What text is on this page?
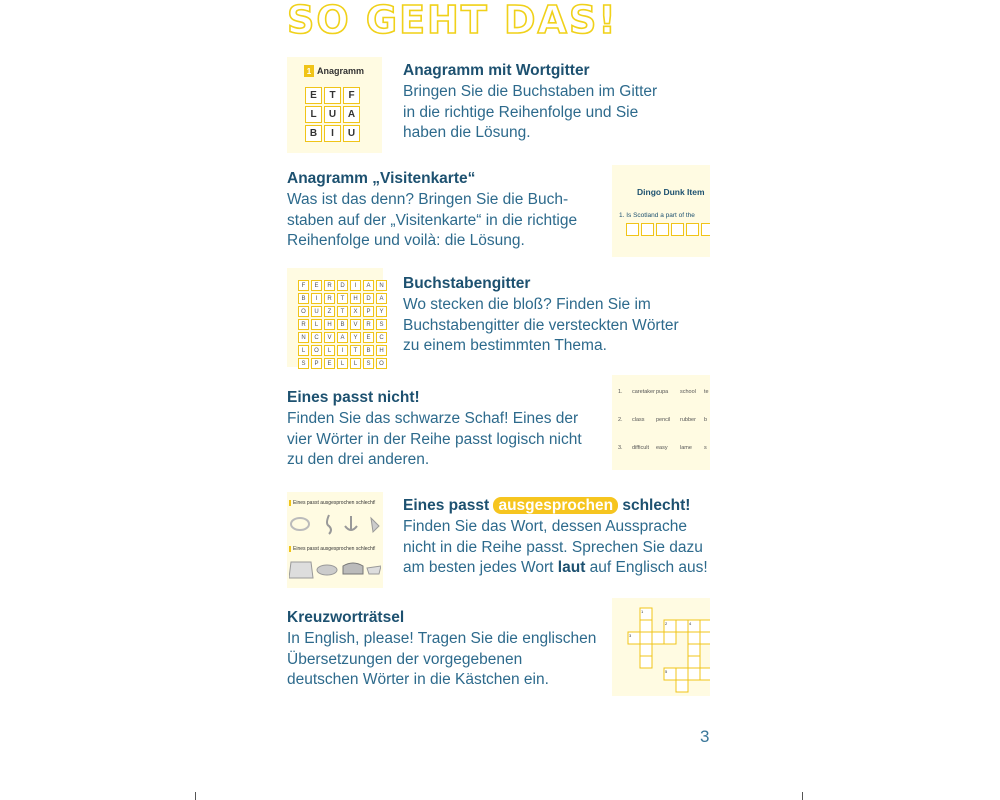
SO GEHT DAS!
1 Anagramm
E	T	F
L	U	A
B	I	U

Anagramm mit Wortgitter

Bringen Sie die Buchstaben im Gitter

in die richtige Reihenfolge und Sie

haben die Lösung.

Anagramm „Visitenkarte“

Was ist das denn? Bringen Sie die Buch-

staben auf der „Visitenkarte“ in die richtige

Reihenfolge und voilà: die Lösung.

Dingo Dunk Item
1. Is Scotland a part of the
F	E	R	D	I	A	N
B	I	R	T	H	D	A
O	U	Z	T	X	P	Y
R	L	H	B	V	R	S
N	C	V	A	Y	E	C
L	O	L	I	T	B	H
S	P	E	L	L	S	O

Buchstabengitter

Wo stecken die bloß? Finden Sie im

Buchstabengitter die versteckten Wörter

zu einem bestimmten Thema.

Eines passt nicht!

Finden Sie das schwarze Schaf! Eines der

vier Wörter in der Reihe passt logisch nicht

zu den drei anderen.

1. caretaker pupa school te
2. class pencil rubber b
3. difficult easy lame s
Eines passt ausgesprochen schlecht!
Eines passt ausgesprochen schlecht!

Eines passt ausgesprochen schlecht!

Finden Sie das Wort, dessen Aussprache

nicht in die Reihe passt. Sprechen Sie dazu

am besten jedes Wort laut auf Englisch aus!

Kreuzworträtsel

In English, please! Tragen Sie die englischen

Übersetzungen der vorgegebenen

deutschen Wörter in die Kästchen ein.

1
2
3
4
5
3
